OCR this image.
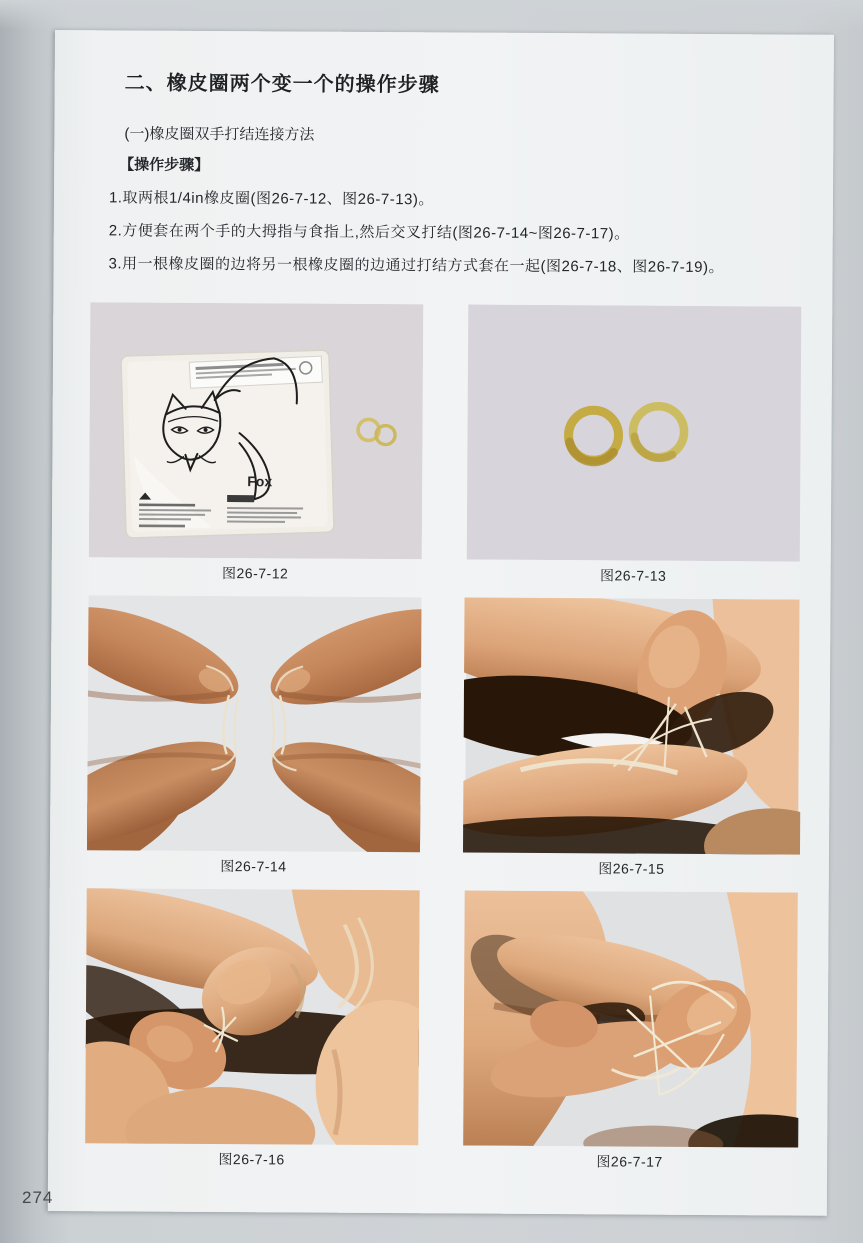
二、橡皮圈两个变一个的操作步骤

(一)橡皮圈双手打结连接方法

【操作步骤】

1.取两根1/4in橡皮圈(图26-7-12、图26-7-13)。

2.方便套在两个手的大拇指与食指上,然后交叉打结(图26-7-14~图26-7-17)。

3.用一根橡皮圈的边将另一根橡皮圈的边通过打结方式套在一起(图26-7-18、图26-7-19)。

Fox
图26-7-12	图26-7-13
图26-7-14	图26-7-15
图26-7-16	图26-7-17
274
